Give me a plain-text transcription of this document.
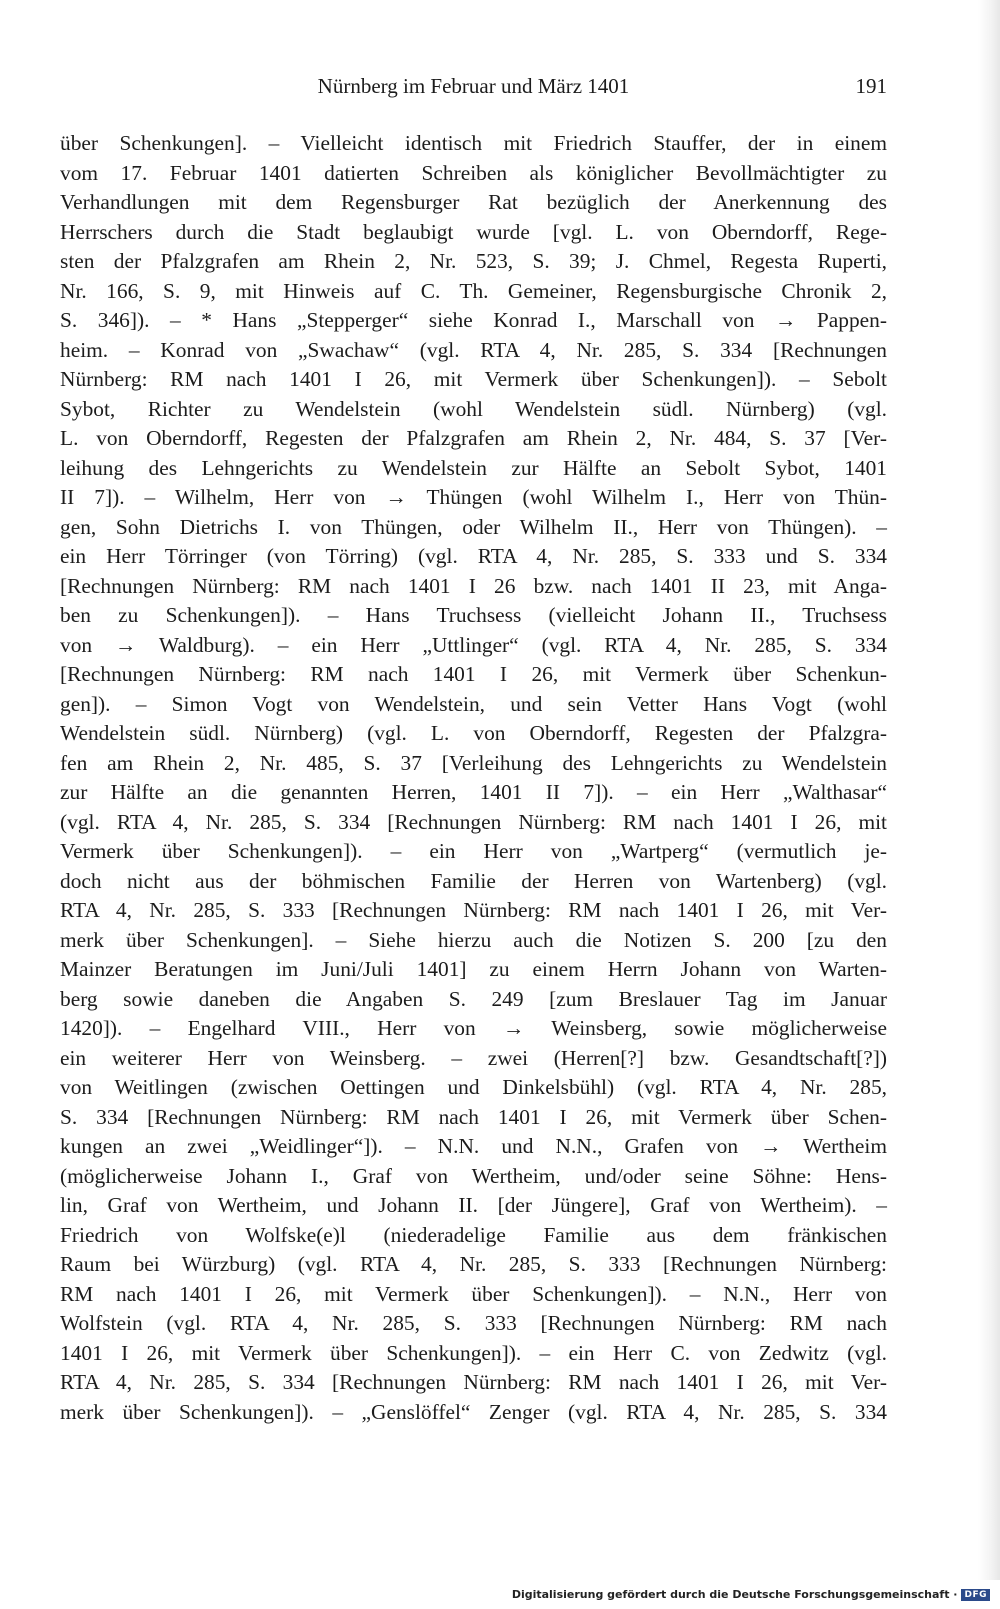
Nürnberg im Februar und März 1401	191
über Schenkungen]. – Vielleicht identisch mit Friedrich Stauffer, der in einem
vom 17. Februar 1401 datierten Schreiben als königlicher Bevollmächtigter zu
Verhandlungen mit dem Regensburger Rat bezüglich der Anerkennung des
Herrschers durch die Stadt beglaubigt wurde [vgl. L. von Oberndorff, Rege-
sten der Pfalzgrafen am Rhein 2, Nr. 523, S. 39; J. Chmel, Regesta Ruperti,
Nr. 166, S. 9, mit Hinweis auf C. Th. Gemeiner, Regensburgische Chronik 2,
S. 346]). – * Hans „Stepperger“ siehe Konrad I., Marschall von → Pappen-
heim. – Konrad von „Swachaw“ (vgl. RTA 4, Nr. 285, S. 334 [Rechnungen
Nürnberg: RM nach 1401 I 26, mit Vermerk über Schenkungen]). – Sebolt
Sybot, Richter zu Wendelstein (wohl Wendelstein südl. Nürnberg) (vgl.
L. von Oberndorff, Regesten der Pfalzgrafen am Rhein 2, Nr. 484, S. 37 [Ver-
leihung des Lehngerichts zu Wendelstein zur Hälfte an Sebolt Sybot, 1401
II 7]). – Wilhelm, Herr von → Thüngen (wohl Wilhelm I., Herr von Thün-
gen, Sohn Dietrichs I. von Thüngen, oder Wilhelm II., Herr von Thüngen). –
ein Herr Törringer (von Törring) (vgl. RTA 4, Nr. 285, S. 333 und S. 334
[Rechnungen Nürnberg: RM nach 1401 I 26 bzw. nach 1401 II 23, mit Anga-
ben zu Schenkungen]). – Hans Truchsess (vielleicht Johann II., Truchsess
von → Waldburg). – ein Herr „Uttlinger“ (vgl. RTA 4, Nr. 285, S. 334
[Rechnungen Nürnberg: RM nach 1401 I 26, mit Vermerk über Schenkun-
gen]). – Simon Vogt von Wendelstein, und sein Vetter Hans Vogt (wohl
Wendelstein südl. Nürnberg) (vgl. L. von Oberndorff, Regesten der Pfalzgra-
fen am Rhein 2, Nr. 485, S. 37 [Verleihung des Lehngerichts zu Wendelstein
zur Hälfte an die genannten Herren, 1401 II 7]). – ein Herr „Walthasar“
(vgl. RTA 4, Nr. 285, S. 334 [Rechnungen Nürnberg: RM nach 1401 I 26, mit
Vermerk über Schenkungen]). – ein Herr von „Wartperg“ (vermutlich je-
doch nicht aus der böhmischen Familie der Herren von Wartenberg) (vgl.
RTA 4, Nr. 285, S. 333 [Rechnungen Nürnberg: RM nach 1401 I 26, mit Ver-
merk über Schenkungen]. – Siehe hierzu auch die Notizen S. 200 [zu den
Mainzer Beratungen im Juni/Juli 1401] zu einem Herrn Johann von Warten-
berg sowie daneben die Angaben S. 249 [zum Breslauer Tag im Januar
1420]). – Engelhard VIII., Herr von → Weinsberg, sowie möglicherweise
ein weiterer Herr von Weinsberg. – zwei (Herren[?] bzw. Gesandtschaft[?])
von Weitlingen (zwischen Oettingen und Dinkelsbühl) (vgl. RTA 4, Nr. 285,
S. 334 [Rechnungen Nürnberg: RM nach 1401 I 26, mit Vermerk über Schen-
kungen an zwei „Weidlinger“]). – N.N. und N.N., Grafen von → Wertheim
(möglicherweise Johann I., Graf von Wertheim, und/oder seine Söhne: Hens-
lin, Graf von Wertheim, und Johann II. [der Jüngere], Graf von Wertheim). –
Friedrich von Wolfske(e)l (niederadelige Familie aus dem fränkischen
Raum bei Würzburg) (vgl. RTA 4, Nr. 285, S. 333 [Rechnungen Nürnberg:
RM nach 1401 I 26, mit Vermerk über Schenkungen]). – N.N., Herr von
Wolfstein (vgl. RTA 4, Nr. 285, S. 333 [Rechnungen Nürnberg: RM nach
1401 I 26, mit Vermerk über Schenkungen]). – ein Herr C. von Zedwitz (vgl.
RTA 4, Nr. 285, S. 334 [Rechnungen Nürnberg: RM nach 1401 I 26, mit Ver-
merk über Schenkungen]). – „Genslöffel“ Zenger (vgl. RTA 4, Nr. 285, S. 334
Digitalisierung gefördert durch die Deutsche Forschungsgemeinschaft · DFG
